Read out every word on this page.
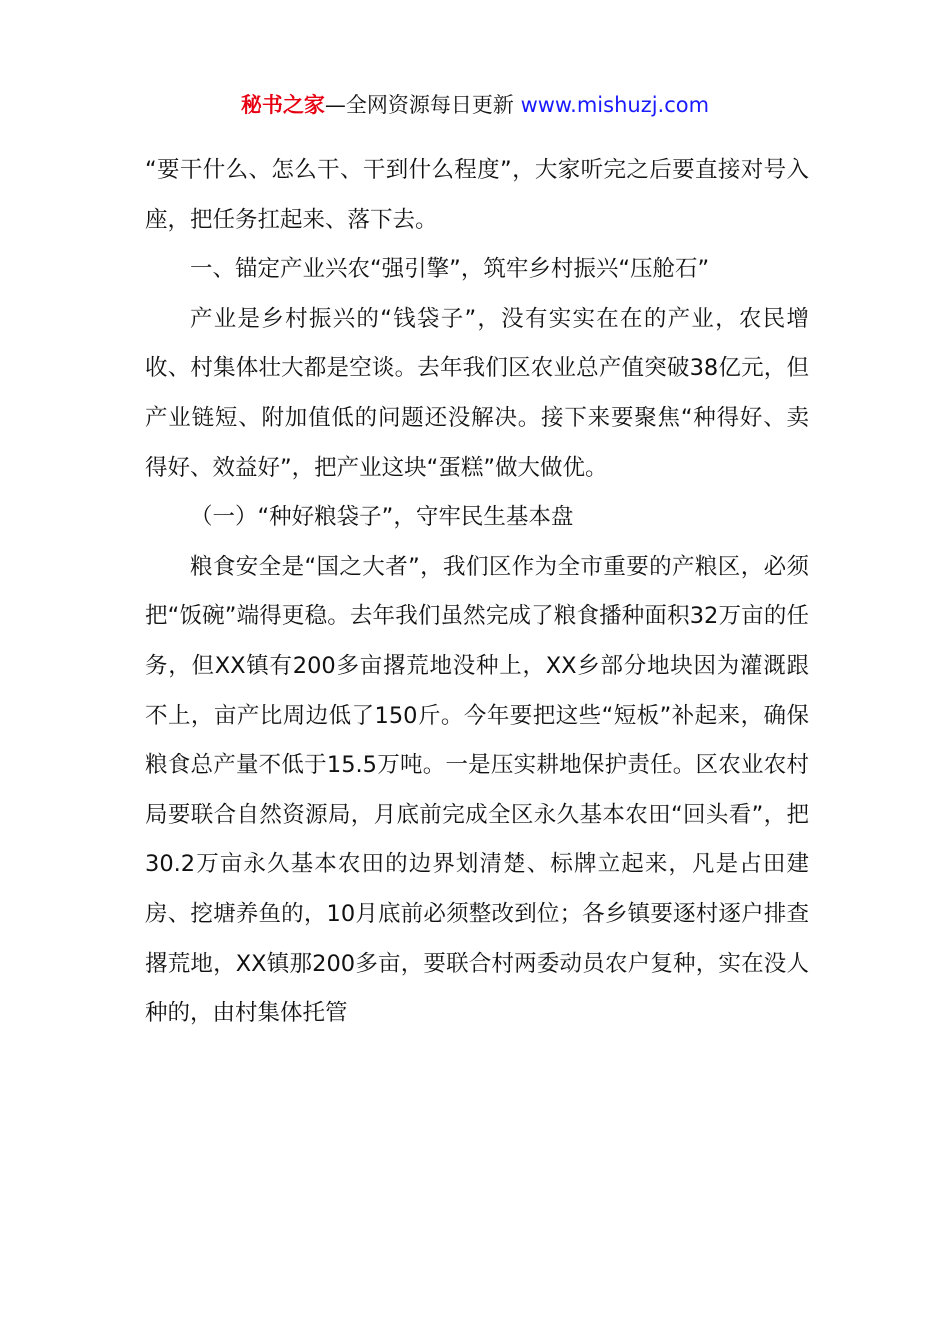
秘书之家—全网资源每日更新 www.mishuzj.com

“要干什么、怎么干、干到什么程度”，大家听完之后要直接对号入座，把任务扛起来、落下去。

一、锚定产业兴农“强引擎”，筑牢乡村振兴“压舱石”

产业是乡村振兴的“钱袋子”，没有实实在在的产业，农民增收、村集体壮大都是空谈。去年我们区农业总产值突破38亿元，但产业链短、附加值低的问题还没解决。接下来要聚焦“种得好、卖得好、效益好”，把产业这块“蛋糕”做大做优。

（一）“种好粮袋子”，守牢民生基本盘

粮食安全是“国之大者”，我们区作为全市重要的产粮区，必须把“饭碗”端得更稳。去年我们虽然完成了粮食播种面积32万亩的任务，但XX镇有200多亩撂荒地没种上，XX乡部分地块因为灌溉跟不上，亩产比周边低了150斤。今年要把这些“短板”补起来，确保粮食总产量不低于15.5万吨。一是压实耕地保护责任。区农业农村局要联合自然资源局，月底前完成全区永久基本农田“回头看”，把30.2万亩永久基本农田的边界划清楚、标牌立起来，凡是占田建房、挖塘养鱼的，10月底前必须整改到位；各乡镇要逐村逐户排查撂荒地，XX镇那200多亩，要联合村两委动员农户复种，实在没人种的，由村集体托管
